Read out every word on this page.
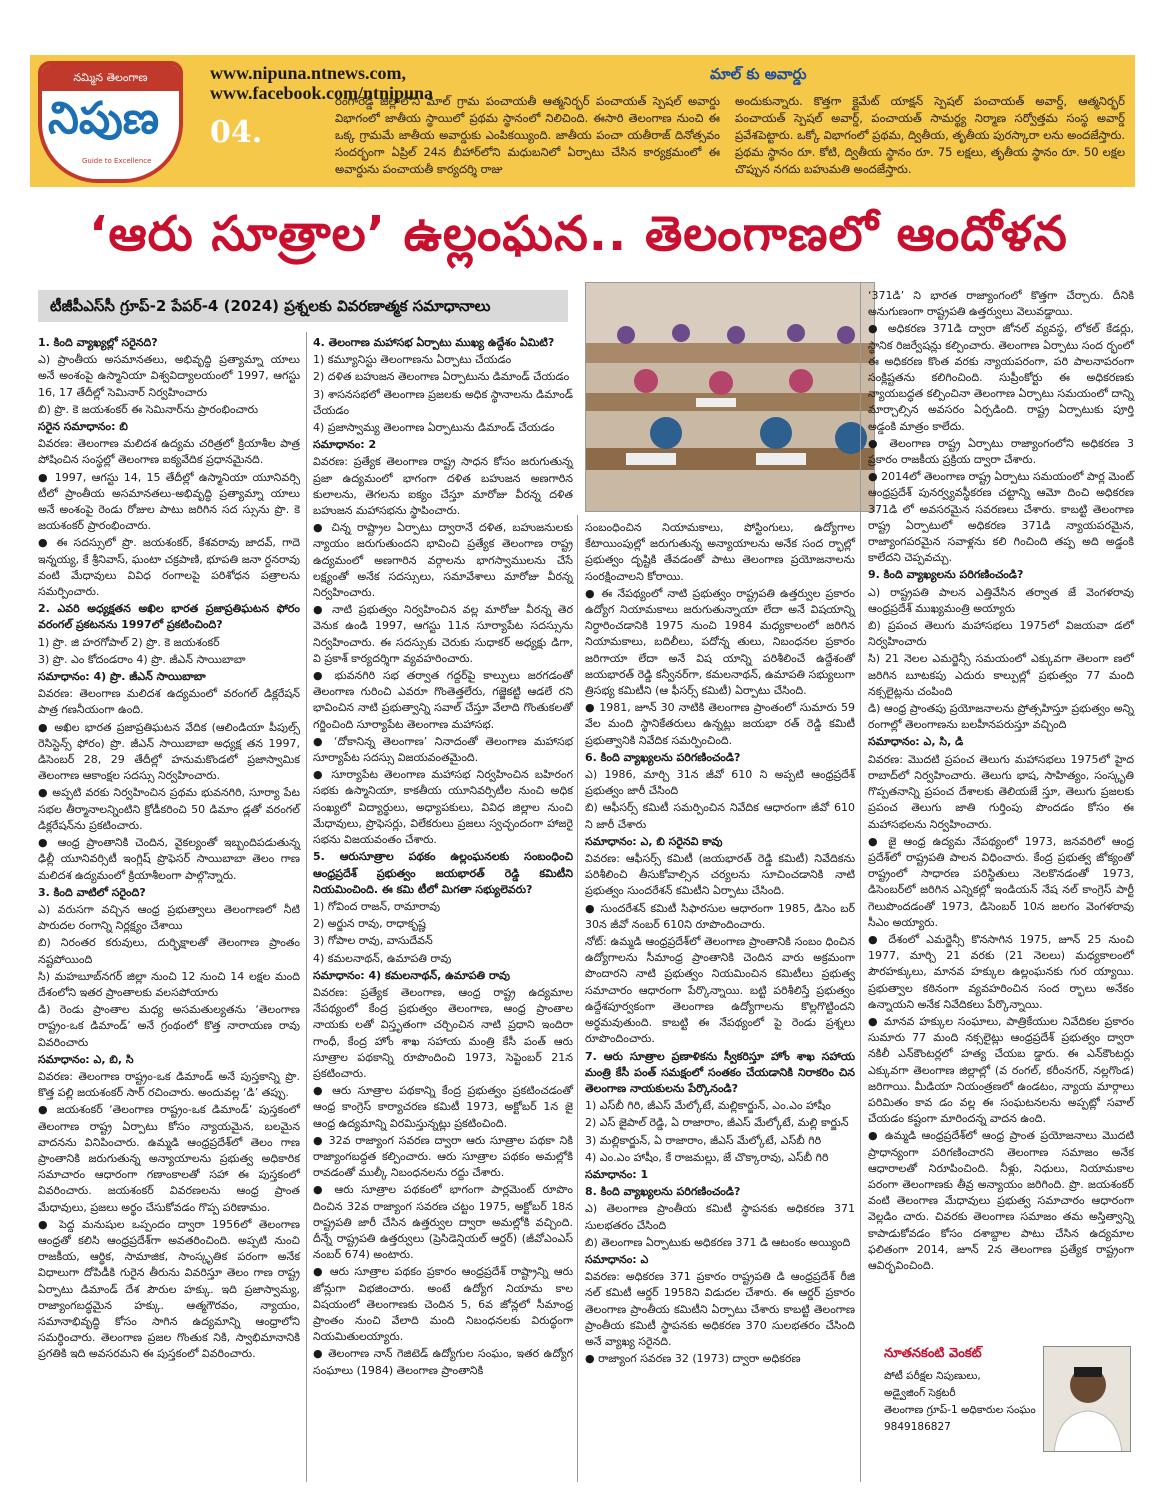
నమ్మిన తెలంగాణ
నిపుణ
Guide to Excellence
04.
www.nipuna.ntnews.com,
www.facebook.com/ntnipuna
మాల్ కు అవార్డు
రంగారెడ్డి జిల్లాలోని మాల్ గ్రామ పంచాయతీ ఆత్మనిర్భర్ పంచాయత్ స్పెషల్ అవార్డు విభాగంలో జాతీయ స్థాయిలో ప్రథమ స్థానంలో నిలిచింది. ఈసారి తెలంగాణ నుంచి ఈ ఒక్క గ్రామమే జాతీయ అవార్డుకు ఎంపికయ్యింది. జాతీయ పంచా యతీరాజ్ దినోత్సవం సందర్భంగా ఏప్రిల్ 24న బీహార్‌లోని మధుబనిలో ఏర్పాటు చేసిన కార్యక్రమంలో ఈ అవార్డును పంచాయతీ కార్యదర్శి రాజు
అందుకున్నారు. కొత్తగా క్లైమేట్ యాక్షన్ స్పెషల్ పంచాయత్ అవార్డ్, ఆత్మనిర్భర్ పంచాయత్ స్పెషల్ అవార్డ్, పంచాయత్ సామర్థ్య నిర్మాణ సర్వోత్తమ సంస్థ అవార్డ్ ప్రవేశపెట్టారు. ఒక్కో విభాగంలో ప్రథమ, ద్వితీయ, తృతీయ పురస్కారా లను అందజేస్తారు. ప్రథమ స్థానం రూ. కోటి, ద్వితీయ స్థానం రూ. 75 లక్షలు, తృతీయ స్థానం రూ. 50 లక్షల చొప్పున నగదు బహుమతి అందజేస్తారు.
‘ఆరు సూత్రాల’ ఉల్లంఘన.. తెలంగాణలో ఆందోళన
టీజీపీఎస్‌సీ గ్రూప్-2 పేపర్-4 (2024) ప్రశ్నలకు వివరణాత్మక సమాధానాలు

1. కింది వ్యాఖ్యల్లో సరైనది?

ఎ) ప్రాంతీయ అసమానతలు, అభివృద్ధి ప్రత్యామ్నా యాలు అనే అంశంపై ఉస్మానియా విశ్వవిద్యాలయంలో 1997, ఆగస్టు 16, 17 తేదీల్లో సెమినార్ నిర్వహించారు

బి) ప్రొ. కె జయశంకర్ ఈ సెమినార్‌ను ప్రారంభించారు

సరైన సమాధానం: బి

వివరణ: తెలంగాణ మలిదశ ఉద్యమ చరిత్రలో క్రియాశీల పాత్ర పోషించిన సంస్థల్లో తెలంగాణ ఐక్యవేదిక ప్రధానమైనది.

● 1997, ఆగస్టు 14, 15 తేదీల్లో ఉస్మానియా యూనివర్సి టీలో ప్రాంతీయ అసమానతలు-అభివృద్ధి ప్రత్యామ్నా యాలు అనే అంశంపై రెండు రోజుల పాటు జరిగిన సద స్సును ప్రొ. కె జయశంకర్ ప్రారంభించారు.

● ఈ సదస్సులో ప్రొ. జయశంకర్, కేశవరావు జాదవ్, గాదె ఇన్నయ్య, కే శ్రీనివాస్, ఘంటా చక్రపాణి, భూపతి జనా ర్దనరావు వంటి మేధావులు వివిధ రంగాలపై పరిశోధన పత్రాలను సమర్పించారు.

2. ఎవరి అధ్యక్షతన అఖిల భారత ప్రజాప్రతిఘటన ఫోరం వరంగల్ ప్రకటనను 1997లో ప్రకటించింది?

1) ప్రొ. జి హరగోపాల్ 2) ప్రొ. కె జయశంకర్

3) ప్రొ. ఎం కోదండరాం 4) ప్రొ. జీఎన్ సాయిబాబా

సమాధానం: 4) ప్రొ. జీఎన్ సాయిబాబా

వివరణ: తెలంగాణ మలిదశ ఉద్యమంలో వరంగల్ డిక్లరేషన్ పాత్ర గణనీయంగా ఉంది.

● అఖిల భారత ప్రజాప్రతిఘటన వేదిక (ఆలిండియా పీపుల్స్ రెసిస్టెన్స్ ఫోరం) ప్రొ. జీఎన్ సాయిబాబా అధ్యక్ష తన 1997, డిసెంబర్ 28, 29 తేదీల్లో హనుమకొండలో ప్రజాస్వామిక తెలంగాణ ఆకాంక్షల సదస్సు నిర్వహించారు.

● అప్పటి వరకు నిర్వహించిన ప్రథమ భువనగిరి, సూర్యా పేట సభల తీర్మానాలన్నింటిని క్రోడీకరించి 50 డిమాం డ్లతో వరంగల్ డిక్లరేషన్‌ను ప్రకటించారు.

● ఆంధ్ర ప్రాంతానికి చెందిన, వైకల్యంతో ఇబ్బందిపడుతున్న ఢిల్లీ యూనివర్సిటీ ఇంగ్లిష్ ప్రొఫెసర్ సాయిబాబా తెలం గాణ మలిదశ ఉద్యమంలో క్రియాశీలంగా పాల్గొన్నారు.

3. కింది వాటిలో సరైంది?

ఎ) వరుసగా వచ్చిన ఆంధ్ర ప్రభుత్వాలు తెలంగాణలో నీటి పారుదల రంగాన్ని నిర్లక్ష్యం చేశాయి

బి) నిరంతర కరువులు, దుర్భిక్షాలతో తెలంగాణ ప్రాంతం నష్టపోయింది

సి) మహబూబ్‌నగర్ జిల్లా నుంచి 12 నుంచి 14 లక్షల మంది దేశంలోని ఇతర ప్రాంతాలకు వలసపోయారు

డి) రెండు ప్రాంతాల మధ్య అసమతుల్యతను ‘తెలంగాణ రాష్ట్రం-ఒక డిమాండ్’ అనే గ్రంథంలో కొత్త నారాయణ రావు వివరించారు

సమాధానం: ఎ, బి, సి

వివరణ: తెలంగాణ రాష్ట్రం-ఒక డిమాండ్ అనే పుస్తకాన్ని ప్రొ. కొత్త పల్లి జయశంకర్ సార్ రచించారు. అందువల్ల ‘డి’ తప్పు.

● జయశంకర్ ‘తెలంగాణ రాష్ట్రం-ఒక డిమాండ్’ పుస్తకంలో తెలంగాణ రాష్ట్ర ఏర్పాటు కోసం న్యాయమైన, బలమైన వాదనను వినిపించారు. ఉమ్మడి ఆంధ్రప్రదేశ్‌లో తెలం గాణ ప్రాంతానికి జరుగుతున్న అన్యాయాలను ప్రభుత్వ అధికారిక సమాచారం ఆధారంగా గణాంకాలతో సహా ఈ పుస్తకంలో వివరించారు. జయశంకర్ వివరణలను ఆంధ్ర ప్రాంత మేధావులు, ప్రజలు అర్థం చేసుకోవడం గొప్ప పరిణామం.

● పెద్ద మనుషుల ఒప్పందం ద్వారా 1956లో తెలంగాణ ఆంధ్రతో కలిసి ఆంధ్రప్రదేశ్‌గా అవతరించింది. అప్పటి నుంచి రాజకీయ, ఆర్థిక, సామాజిక, సాంస్కృతిక పరంగా అనేక విధాలుగా దోపిడీకి గురైన తీరును వివరిస్తూ తెలం గాణ రాష్ట్ర ఏర్పాటు డిమాండ్ దేశ పౌరుల హక్కు. ఇది ప్రజాస్వామ్య, రాజ్యాంగబద్ధమైన హక్కు. ఆత్మగౌరవం, న్యాయం, సమానాభివృద్ధి కోసం సాగిన ఉద్యమాన్ని ఆంధ్రాలోని సమర్ధించారు. తెలంగాణ ప్రజల గొంతుక నికి, స్వాభిమానానికి ప్రగతికి ఇది అవసరమని ఈ పుస్తకంలో వివరించారు.

4. తెలంగాణ మహాసభ ఏర్పాటు ముఖ్య ఉద్దేశం ఏమిటి?

1) కమ్యూనిస్టు తెలంగాణను ఏర్పాటు చేయడం

2) దళిత బహుజన తెలంగాణ ఏర్పాటును డిమాండ్ చేయడం

3) శాసనసభలో తెలంగాణ ప్రజలకు అధిక స్థానాలను డిమాండ్ చేయడం

4) ప్రజాస్వామ్య తెలంగాణ ఏర్పాటును డిమాండ్ చేయడం

సమాధానం: 2

వివరణ: ప్రత్యేక తెలంగాణ రాష్ట్ర సాధన కోసం జరుగుతున్న ప్రజా ఉద్యమంలో భాగంగా దళిత బహుజన అణగారిన కులాలను, తెగలను ఐక్యం చేస్తూ మారోజు వీరన్న దళిత బహుజన మహాసభను స్థాపించారు.

● చిన్న రాష్ట్రాల ఏర్పాటు ద్వారానే దళిత, బహుజనులకు న్యాయం జరుగుతుందని భావించి ప్రత్యేక తెలంగాణ రాష్ట్ర ఉద్యమంలో అణగారిన వర్గాలను భాగస్వాములను చేసే లక్ష్యంతో అనేక సదస్సులు, సమావేశాలు మారోజు వీరన్న నిర్వహించారు.

● నాటి ప్రభుత్వం నిర్వహించిన వల్ల మారోజు వీరన్న తెర వెనుక ఉండి 1997, ఆగస్టు 11న సూర్యాపేట సదస్సును నిర్వహించారు. ఈ సదస్సుకు చెరుకు సుధాకర్ అధ్యక్షు డిగా, వి ప్రకాశ్ కార్యదర్శిగా వ్యవహరించారు.

● భువనగిరి సభ తర్వాత గద్దర్‌పై కాల్పులు జరగడంతో తెలంగాణ గురించి ఎవరూ గొంతెత్తలేరు, గజ్జెకట్టి ఆడలే రని భావించిన నాటి ప్రభుత్వాన్ని సవాల్ చేస్తూ వేలాది గొంతుకలతో గర్జించింది సూర్యాపేట తెలంగాణ మహాసభ.

● ‘దోకానిన్న తెలంగాణ’ నినాదంతో తెలంగాణ మహాసభ సూర్యాపేట సదస్సు విజయవంతమైంది.

● సూర్యాపేట తెలంగాణ మహాసభ నిర్వహించిన బహిరంగ సభకు ఉస్మానియా, కాకతీయ యూనివర్సిటీల నుంచి అధిక సంఖ్యలో విద్యార్థులు, అధ్యాపకులు, వివిధ జిల్లాల నుంచి మేధావులు, ప్రొఫెసర్లు, విలేకరులు ప్రజలు స్వచ్ఛందంగా హాజరై సభను విజయవంతం చేశారు.

5. ఆరుసూత్రాల పథకం ఉల్లంఘనలకు సంబంధించి ఆంధ్రప్రదేశ్ ప్రభుత్వం జయభారత్ రెడ్డి కమిటీని నియమించింది. ఈ కమి టీలో మిగతా సభ్యులెవరు?

1) గోవింద రాజన్, రామారావు

2) అర్జున రావు, రాధాకృష్ణ

3) గోపాల రావు, వాసుదేవన్

4) కమలనాథన్, ఉమాపతి రావు

సమాధానం: 4) కమలనాథన్, ఉమాపతి రావు

వివరణ: ప్రత్యేక తెలంగాణ, ఆంధ్ర రాష్ట్ర ఉద్యమాల నేపథ్యంలో కేంద్ర ప్రభుత్వం తెలంగాణ, ఆంధ్ర ప్రాంతాల నాయకు లతో విస్తృతంగా చర్చించిన నాటి ప్రధాని ఇందిరా గాంధీ, కేంద్ర హోం శాఖ సహాయ మంత్రి కేసీ పంత్ ఆరు సూత్రాల పథకాన్ని రూపొందించి 1973, సెప్టెంబర్ 21న ప్రకటించారు.

● ఆరు సూత్రాల పథకాన్ని కేంద్ర ప్రభుత్వం ప్రకటించడంతో ఆంధ్ర కాంగ్రెస్ కార్యాచరణ కమిటీ 1973, అక్టోబర్ 1న జై ఆంధ్ర ఉద్యమాన్ని విరమిస్తున్నట్లు ప్రకటించింది.

● 32వ రాజ్యాంగ సవరణ ద్వారా ఆరు సూత్రాల పథకా నికి రాజ్యాంగబద్ధత కల్పించారు. ఆరు సూత్రాల పథకం అమల్లోకి రావడంతో ముల్కీ నిబంధనలను రద్దు చేశారు.

● ఆరు సూత్రాల పథకంలో భాగంగా పార్లమెంట్ రూపొం దించిన 32వ రాజ్యాంగ సవరణ చట్టం 1975, అక్టోబర్ 18న రాష్ట్రపతి జారీ చేసిన ఉత్తర్వుల ద్వారా అమల్లోకి వచ్చింది. దీన్నే రాష్ట్రపతి ఉత్తర్వులు (ప్రెసిడెన్షియల్ ఆర్డర్) (జీవోఎంఎస్ నంబర్ 674) అంటారు.

● ఆరు సూత్రాల పథకం ప్రకారం ఆంధ్రప్రదేశ్ రాష్ట్రాన్ని ఆరు జోన్లుగా విభజించారు. అంటే ఉద్యోగ నియామ కాల విషయంలో తెలంగాణకు చెందిన 5, 6వ జోన్లలో సీమాంధ్ర ప్రాంతం నుంచి వేలాది మంది నిబంధనలకు విరుద్ధంగా నియమితులయ్యారు.

● తెలంగాణ నాన్ గెజిటెడ్ ఉద్యోగుల సంఘం, ఇతర ఉద్యోగ సంఘాలు (1984) తెలంగాణ ప్రాంతానికి

సంబంధించిన నియామకాలు, పోస్టింగులు, ఉద్యోగాల కేటాయింపుల్లో జరుగుతున్న అన్యాయాలను అనేక సంద ర్భాల్లో ప్రభుత్వం దృష్టికి తేవడంతో పాటు తెలంగాణ ప్రయోజనాలను సంరక్షించాలని కోరాయి.

● ఈ నేపథ్యంలో నాటి ప్రభుత్వం రాష్ట్రపతి ఉత్తర్వుల ప్రకారం ఉద్యోగ నియామకాలు జరుగుతున్నాయా లేదా అనే విషయాన్ని నిర్ధారించడానికి 1975 నుంచి 1984 మధ్యకాలంలో జరిగిన నియామకాలు, బదిలీలు, పదోన్న తులు, నిబంధనల ప్రకారం జరిగాయా లేదా అనే విష యాన్ని పరిశీలించే ఉద్దేశంతో జయభారత్ రెడ్డి కన్వీనర్‌గా, కమలనాథన్, ఉమాపతి సభ్యులుగా త్రిసభ్య కమిటీని (ఆ ఫీసర్స్ కమిటీ) ఏర్పాటు చేసింది.

● 1981, జూన్ 30 నాటికి తెలంగాణ ప్రాంతంలో సుమారు 59 వేల మంది స్థానికేతరులు ఉన్నట్లు జయభా రత్ రెడ్డి కమిటీ ప్రభుత్వానికి నివేదిక సమర్పించింది.

6. కింది వ్యాఖ్యలను పరిగణించండి?

ఎ) 1986, మార్చి 31న జీవో 610 ని అప్పటి ఆంధ్రప్రదేశ్ ప్రభుత్వం జారీ చేసింది

బి) ఆఫీసర్స్ కమిటీ సమర్పించిన నివేదిక ఆధారంగా జీవో 610 ని జారీ చేశారు

సమాధానం: ఎ, బి సరైనవి కావు

వివరణ: ఆఫీసర్స్ కమిటీ (జయభారత్ రెడ్డి కమిటీ) నివేదికను పరిశీలించి తీసుకోవాల్సిన చర్యలను సూచించడానికి నాటి ప్రభుత్వం సుందరేశన్ కమిటీని ఏర్పాటు చేసింది.

● సుందరేశన్ కమిటీ సిఫారసుల ఆధారంగా 1985, డిసెం బర్ 30న జీవో నంబర్ 610ని రూపొందించారు.

నోట్: ఉమ్మడి ఆంధ్రప్రదేశ్‌లో తెలంగాణ ప్రాంతానికి సంబం ధించిన ఉద్యోగాలను సీమాంధ్ర ప్రాంతానికి చెందిన వారు అక్రమంగా పొందారని నాటి ప్రభుత్వం నియమించిన కమిటీలు ప్రభుత్వ సమాచారం ఆధారంగా పేర్కొన్నాయి. బట్టి పరిశీలిస్తే ప్రభుత్వం ఉద్దేశపూర్వకంగా తెలంగాణ ఉద్యోగాలను కొల్లగొట్టిందని అర్థమవుతుంది. కాబట్టి ఈ నేపథ్యంలో పై రెండు ప్రశ్నలు రూపొందించారు.

7. ఆరు సూత్రాల ప్రణాళికను స్వీకరిస్తూ హోం శాఖ సహాయ మంత్రి కేసీ పంత్ సమక్షంలో సంతకం చేయడానికి నిరాకరిం చిన తెలంగాణ నాయకులను పేర్కొనండి?

1) ఎస్‌బీ గిరి, జీఎస్ మేల్కోటే, మల్లికార్జున్, ఎం.ఎం హాషీం

2) ఎస్ జైపాల్ రెడ్డి, ఏ రాజారాం, జీఎస్ మేల్కోటే, మల్లి కార్జున్

3) మల్లికార్జున్, ఏ రాజారాం, జీఎస్ మేల్కోటే, ఎస్‌బీ గిరి

4) ఎం.ఎం హాషీం, కే రాజమల్లు, జే చొక్కారావు, ఎస్‌బీ గిరి

సమాధానం: 1

8. కింది వ్యాఖ్యలను పరిగణించండి?

ఎ) తెలంగాణ ప్రాంతీయ కమిటీ స్థాపనకు అధికరణ 371 సులభతరం చేసింది

బి) తెలంగాణ ఏర్పాటుకు అధికరణ 371 డి ఆటంకం అయ్యింది

సమాధానం: ఎ

వివరణ: అధికరణ 371 ప్రకారం రాష్ట్రపతి డి ఆంధ్రప్రదేశ్ రీజి నల్ కమిటీ ఆర్డర్ 1958ని విడుదల చేశారు. ఈ ఆర్డర్ ప్రకారం తెలంగాణ ప్రాంతీయ కమిటీని ఏర్పాటు చేశారు కాబట్టి తెలంగాణ ప్రాంతీయ కమిటీ స్థాపనకు అధికరణ 370 సులభతరం చేసింది అనే వ్యాఖ్య సరైనది.

● రాజ్యాంగ సవరణ 32 (1973) ద్వారా అధికరణ

‘371డి’ ని భారత రాజ్యాంగంలో కొత్తగా చేర్చారు. దీనికి అనుగుణంగా రాష్ట్రపతి ఉత్తర్వులు వెలువడ్డాయి.

● అధికరణ 371డి ద్వారా జోనల్ వ్యవస్థ, లోకల్ కేడర్లు, స్థానిక రిజర్వేషన్లు కల్పించారు. తెలంగాణ ఏర్పాటు సంద ర్భంలో ఈ అధికరణ కొంత వరకు న్యాయపరంగా, పరి పాలనాపరంగా సంక్లిష్టతను కలిగించింది. సుప్రీంకోర్టు ఈ అధికరణకు న్యాయబద్ధత కల్పించినా తెలంగాణ ఏర్పాటు సమయంలో దాన్ని మార్చాల్సిన అవసరం ఏర్పడింది. రాష్ట్ర ఏర్పాటుకు పూర్తి అడ్డంకి మాత్రం కాలేదు.

● తెలంగాణ రాష్ట్ర ఏర్పాటు రాజ్యాంగంలోని అధికరణ 3 ప్రకారం రాజకీయ ప్రక్రియ ద్వారా చేశారు.

● 2014లో తెలంగాణ రాష్ట్ర ఏర్పాటు సమయంలో పార్ల మెంట్ ఆంధ్రప్రదేశ్ పునర్వ్యవస్థీకరణ చట్టాన్ని ఆమో దించి అధికరణ 371డి లో అవసరమైన సవరణలు చేశారు. కాబట్టి తెలంగాణ రాష్ట్ర ఏర్పాటులో అధికరణ 371డి న్యాయపరమైన, రాజ్యాంగపరమైన సవాళ్లను కలి గించింది తప్ప అది అడ్డంకి కాలేదని చెప్పవచ్చు.

9. కింది వ్యాఖ్యలను పరిగణించండి?

ఎ) రాష్ట్రపతి పాలన ఎత్తివేసిన తర్వాత జే వెంగళరావు ఆంధ్రప్రదేశ్ ముఖ్యమంత్రి అయ్యారు

బి) ప్రపంచ తెలుగు మహాసభలు 1975లో విజయవా డలో నిర్వహించారు

సి) 21 నెలల ఎమర్జెన్సీ సమయంలో ఎక్కువగా తెలంగా ణలో జరిగిన బూటకపు ఎదురు కాల్పుల్లో ప్రభుత్వం 77 మంది నక్సలైట్లను చంపింది

డి) ఆంధ్ర ప్రాంతపు ప్రయోజనాలను ప్రోత్సహిస్తూ ప్రభుత్వం అన్ని రంగాల్లో తెలంగాణను బలహీనపరుస్తూ వచ్చింది

సమాధానం: ఎ, సి, డి

వివరణ: మొదటి ప్రపంచ తెలుగు మహాసభలు 1975లో హైద రాబాద్‌లో నిర్వహించారు. తెలుగు భాష, సాహిత్యం, సంస్కృతి గొప్పతనాన్ని ప్రపంచ దేశాలకు తెలియజే స్తూ, తెలుగు ప్రజలకు ప్రపంచ తెలుగు జాతి గుర్తింపు పొందడం కోసం ఈ మహాసభలను నిర్వహించారు.

● జై ఆంధ్ర ఉద్యమ నేపథ్యంలో 1973, జనవరిలో ఆంధ్ర ప్రదేశ్‌లో రాష్ట్రపతి పాలన విధించారు. కేంద్ర ప్రభుత్వ జోక్యంతో రాష్ట్రంలో సాధారణ పరిస్థితులు నెలకొనడంతో 1973, డిసెంబర్‌లో జరిగిన ఎన్నికల్లో ఇండియన్ నేష నల్ కాంగ్రెస్ పార్టీ గెలుపొందడంతో 1973, డిసెంబర్ 10న జలగం వెంగళరావు సీఎం అయ్యారు.

● దేశంలో ఎమర్జెన్సీ కొనసాగిన 1975, జూన్ 25 నుంచి 1977, మార్చి 21 వరకు (21 నెలలు) మధ్యకాలంలో పౌరహక్కులు, మానవ హక్కుల ఉల్లంఘనకు గుర య్యాయి. ప్రభుత్వాల కఠినంగా వ్యవహరించిన సంద ర్భాలు అనేకం ఉన్నాయని అనేక నివేదికలు పేర్కొన్నాయి.

● మానవ హక్కుల సంఘాలు, పాత్రికేయుల నివేదికల ప్రకారం సుమారు 77 మంది నక్సలైట్లు ఆంధ్రప్రదేశ్ ప్రభుత్వం ద్వారా నకిలీ ఎన్‌కౌంటర్లలో హత్య చేయబ డ్డారు. ఈ ఎన్‌కౌంటర్లు ఎక్కువగా తెలంగాణ జిల్లాల్లో (వ రంగల్, కరీంనగర్, నల్లగొండ) జరిగాయి. మీడియా నియంత్రణలో ఉండటం, న్యాయ మార్గాలు పరిమితం కావ డం వల్ల ఈ సంఘటనలను అప్పట్లో సవాల్ చేయడం కష్టంగా మారిందన్న వాదన ఉంది.

● ఉమ్మడి ఆంధ్రప్రదేశ్‌లో ఆంధ్ర ప్రాంత ప్రయోజనాలు మొదటి ప్రాధాన్యంగా పరిగణించారని తెలంగాణ సమాజం అనేక ఆధారాలతో నిరూపించింది. నీళ్లు, నిధులు, నియామకాల పరంగా తెలంగాణకు తీవ్ర అన్యాయం జరిగింది. ప్రొ. జయశంకర్ వంటి తెలంగాణ మేధావులు ప్రభుత్వ సమాచారం ఆధారంగా వెల్లడిం చారు. చివరకు తెలంగాణ సమాజం తమ అస్తిత్వాన్ని కాపాడుకోవడం కోసం దశాబ్దాల పాటు చేసిన ఉద్యమాల ఫలితంగా 2014, జూన్ 2న తెలంగాణ ప్రత్యేక రాష్ట్రంగా ఆవిర్భవించింది.

నూతనకంటి వెంకట్
పోటీ పరీక్షల నిపుణులు,
అడ్వైజింగ్ సెక్రటరీ
తెలంగాణ గ్రూప్-1 అధికారుల సంఘం
9849186827
